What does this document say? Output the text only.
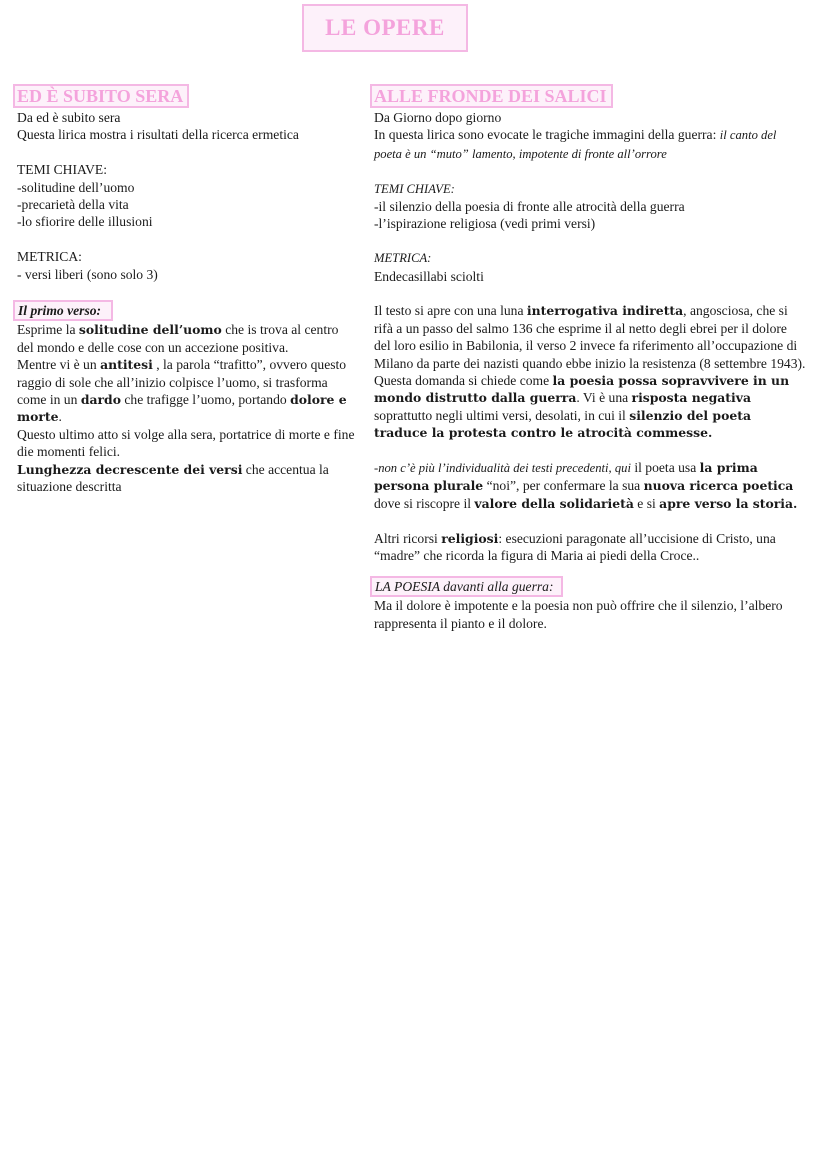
LE OPERE
ED È SUBITO SERA

Da ed è subito sera

Questa lirica mostra i risultati della ricerca ermetica

TEMI CHIAVE:

-solitudine dell’uomo

-precarietà della vita

-lo sfiorire delle illusioni

METRICA:

- versi liberi (sono solo 3)

Il primo verso:

Esprime la solitudine dell’uomo che is trova al centro del mondo e delle cose con un accezione positiva.

Mentre vi è un antitesi , la parola “trafitto”, ovvero questo raggio di sole che all’inizio colpisce l’uomo, si trasforma come in un dardo che trafigge l’uomo, portando dolore e morte.

Questo ultimo atto si volge alla sera, portatrice di morte e fine die momenti felici.

Lunghezza decrescente dei versi che accentua la situazione descritta

ALLE FRONDE DEI SALICI

Da Giorno dopo giorno

In questa lirica sono evocate le tragiche immagini della guerra: il canto del poeta è un “muto” lamento, impotente di fronte all’orrore

TEMI CHIAVE:

-il silenzio della poesia di fronte alle atrocità della guerra

-l’ispirazione religiosa (vedi primi versi)

METRICA:

Endecasillabi sciolti

Il testo si apre con una luna interrogativa indiretta, angosciosa, che si rifà a un passo del salmo 136 che esprime il al netto degli ebrei per il dolore del loro esilio in Babilonia, il verso 2 invece fa riferimento all’occupazione di Milano da parte dei nazisti quando ebbe inizio la resistenza (8 settembre 1943).

Questa domanda si chiede come la poesia possa sopravvivere in un mondo distrutto dalla guerra. Vi è una risposta negativa soprattutto negli ultimi versi, desolati, in cui il silenzio del poeta traduce la protesta contro le atrocità commesse.

-non c’è più l’individualità dei testi precedenti, qui il poeta usa la prima persona plurale “noi”, per confermare la sua nuova ricerca poetica dove si riscopre il valore della solidarietà e si apre verso la storia.

Altri ricorsi religiosi: esecuzioni paragonate all’uccisione di Cristo, una “madre” che ricorda la figura di Maria ai piedi della Croce..

LA POESIA davanti alla guerra:

Ma il dolore è impotente e la poesia non può offrire che il silenzio, l’albero rappresenta il pianto e il dolore.
